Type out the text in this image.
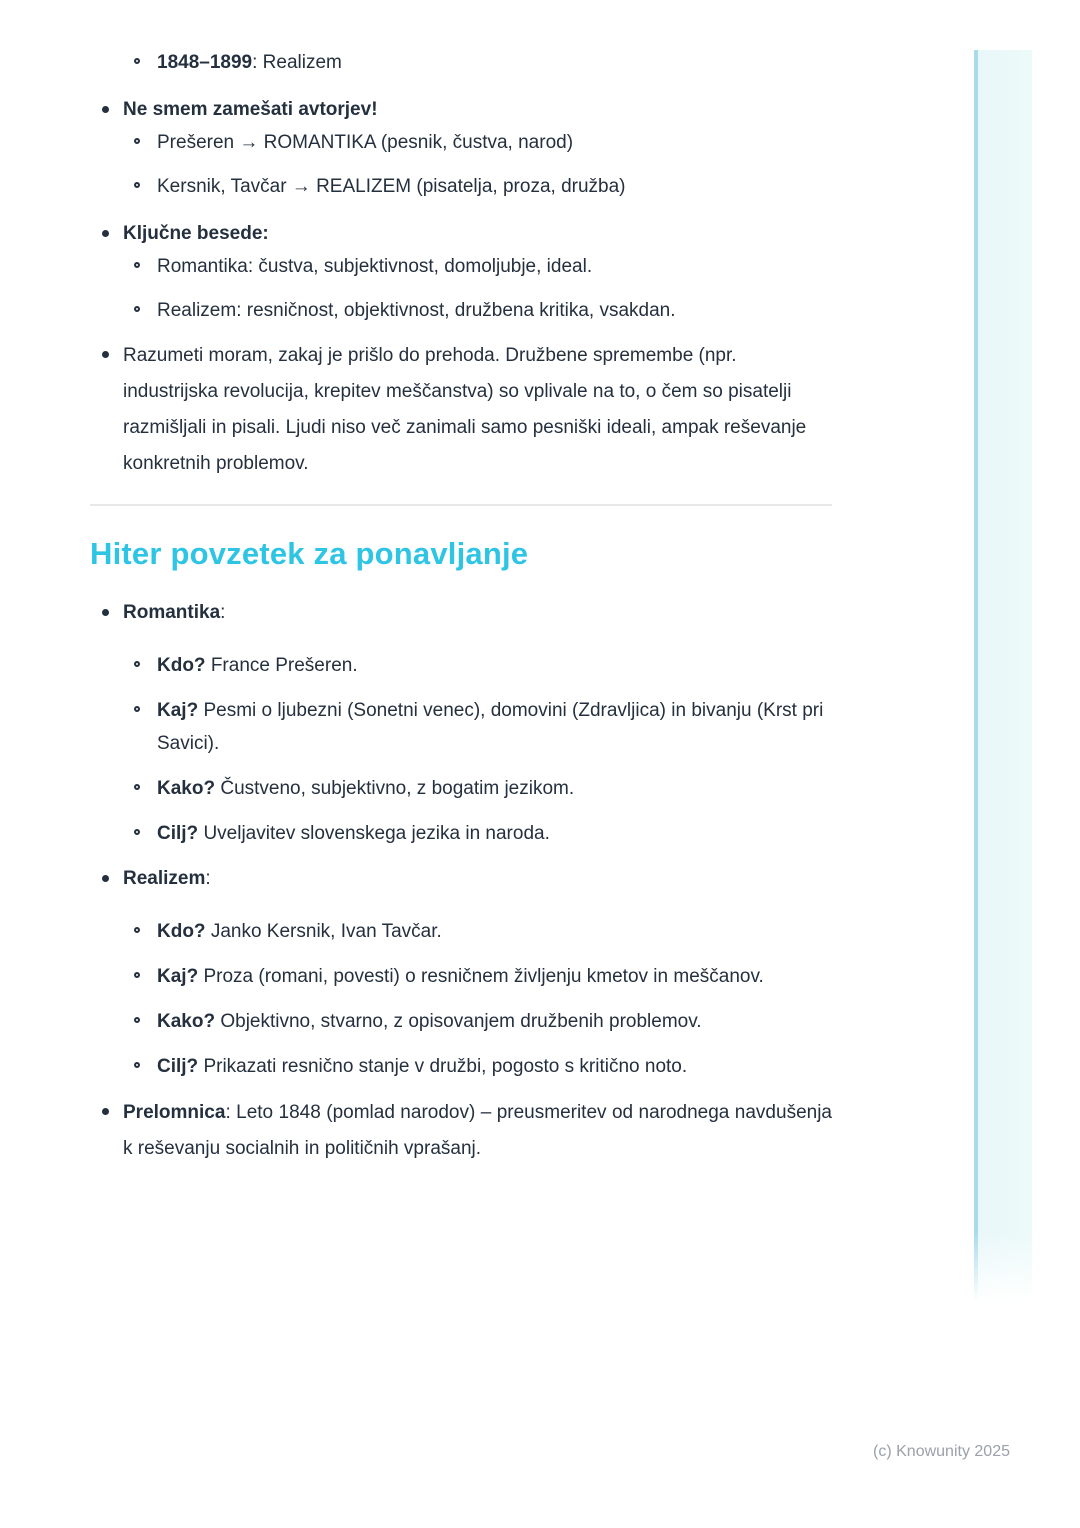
1848–1899: Realizem
Ne smem zamešati avtorjev!
Prešeren → ROMANTIKA (pesnik, čustva, narod)
Kersnik, Tavčar → REALIZEM (pisatelja, proza, družba)
Ključne besede:
Romantika: čustva, subjektivnost, domoljubje, ideal.
Realizem: resničnost, objektivnost, družbena kritika, vsakdan.
Razumeti moram, zakaj je prišlo do prehoda. Družbene spremembe (npr. industrijska revolucija, krepitev meščanstva) so vplivale na to, o čem so pisatelji razmišljali in pisali. Ljudi niso več zanimali samo pesniški ideali, ampak reševanje konkretnih problemov.
Hiter povzetek za ponavljanje
Romantika:
Kdo? France Prešeren.
Kaj? Pesmi o ljubezni (Sonetni venec), domovini (Zdravljica) in bivanju (Krst pri Savici).
Kako? Čustveno, subjektivno, z bogatim jezikom.
Cilj? Uveljavitev slovenskega jezika in naroda.
Realizem:
Kdo? Janko Kersnik, Ivan Tavčar.
Kaj? Proza (romani, povesti) o resničnem življenju kmetov in meščanov.
Kako? Objektivno, stvarno, z opisovanjem družbenih problemov.
Cilj? Prikazati resnično stanje v družbi, pogosto s kritično noto.
Prelomnica: Leto 1848 (pomlad narodov) – preusmeritev od narodnega navdušenja k reševanju socialnih in političnih vprašanj.
(c) Knowunity 2025
